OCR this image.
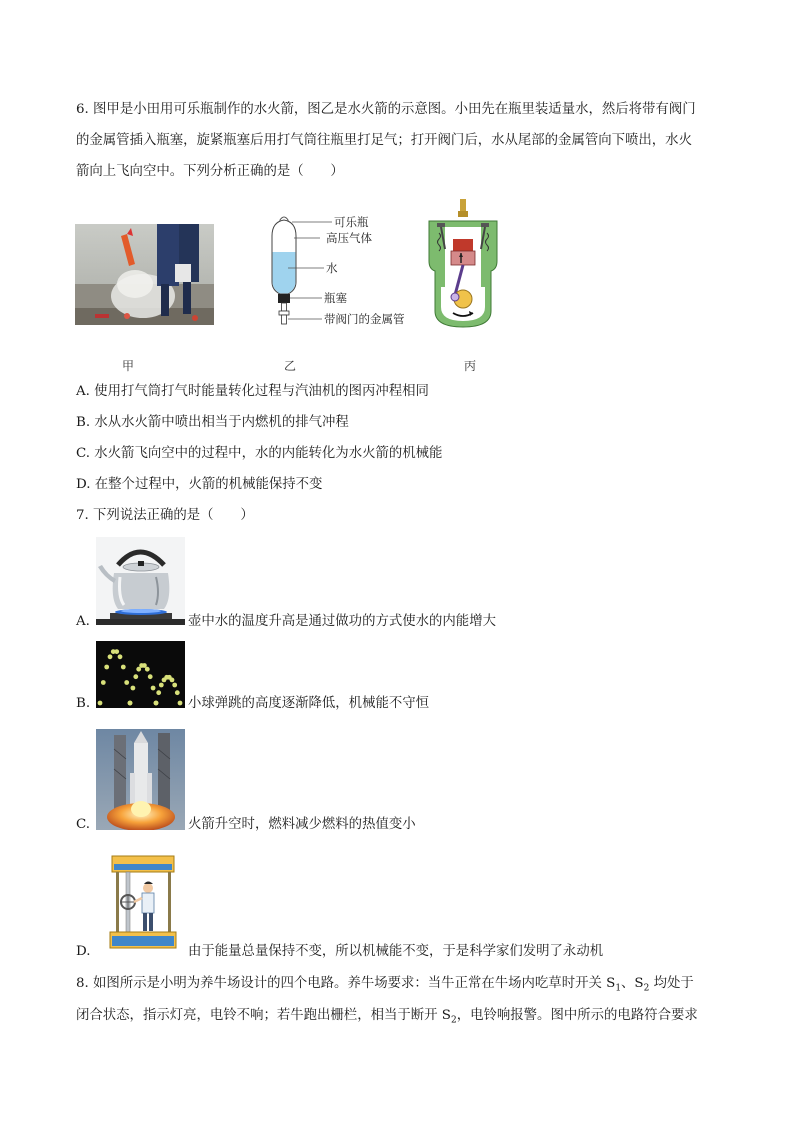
6. 图甲是小田用可乐瓶制作的水火箭，图乙是水火箭的示意图。小田先在瓶里装适量水，然后将带有阀门
的金属管插入瓶塞，旋紧瓶塞后用打气筒往瓶里打足气；打开阀门后，水从尾部的金属管向下喷出，水火
箭向上飞向空中。下列分析正确的是（　　）
甲
可乐瓶
高压气体
水
瓶塞
带阀门的金属管
乙	丙
A. 使用打气筒打气时能量转化过程与汽油机的图丙冲程相同
B. 水从水火箭中喷出相当于内燃机的排气冲程
C. 水火箭飞向空中的过程中，水的内能转化为水火箭的机械能
D. 在整个过程中，火箭的机械能保持不变
7. 下列说法正确的是（　　）
A.	壶中水的温度升高是通过做功的方式使水的内能增大
B.	小球弹跳的高度逐渐降低，机械能不守恒
C.	火箭升空时，燃料减少燃料的热值变小
D.	由于能量总量保持不变，所以机械能不变，于是科学家们发明了永动机
8. 如图所示是小明为养牛场设计的四个电路。养牛场要求：当牛正常在牛场内吃草时开关 $S_1$、$S_2$ 均处于
闭合状态，指示灯亮，电铃不响；若牛跑出栅栏，相当于断开 $S_2$，电铃响报警。图中所示的电路符合要求
